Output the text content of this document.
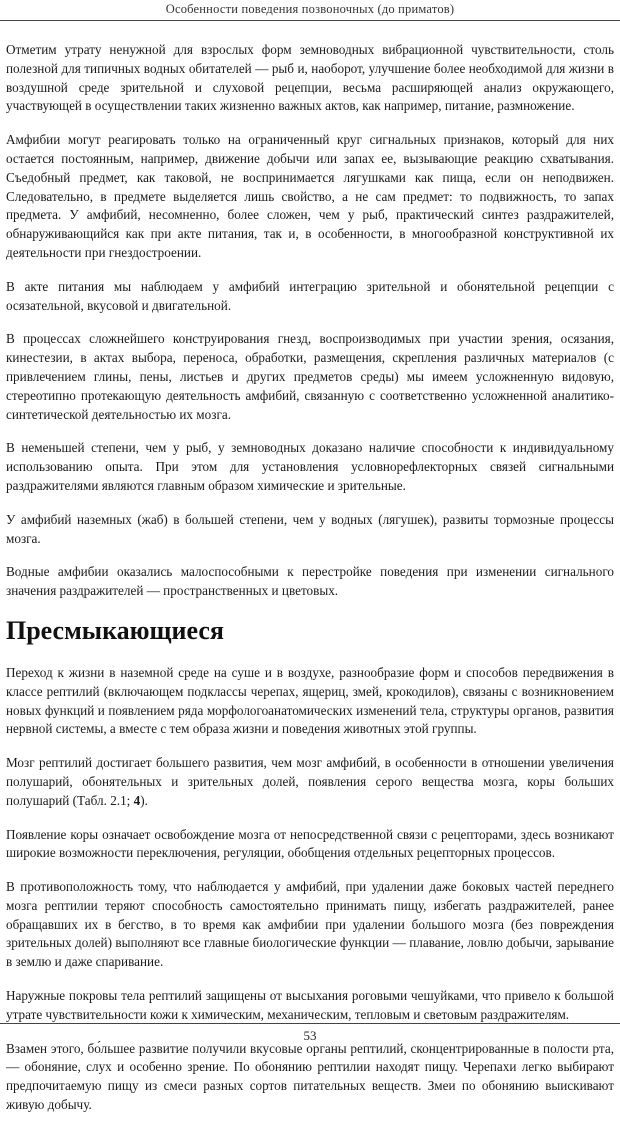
Особенности поведения позвоночных (до приматов)

Отметим утрату ненужной для взрослых форм земноводных вибрационной чувствительности, столь полезной для типичных водных обитателей — рыб и, наоборот, улучшение более необходимой для жизни в воздушной среде зрительной и слуховой рецепции, весьма расширяющей анализ окружающего, участвующей в осуществлении таких жизненно важных актов, как например, питание, размножение.

Амфибии могут реагировать только на ограниченный круг сигнальных признаков, который для них остается постоянным, например, движение добычи или запах ее, вызывающие реакцию схватывания. Съедобный предмет, как таковой, не воспринимается лягушками как пища, если он неподвижен. Следовательно, в предмете выделяется лишь свойство, а не сам предмет: то подвижность, то запах предмета. У амфибий, несомненно, более сложен, чем у рыб, практический синтез раздражителей, обнаруживающийся как при акте питания, так и, в особенности, в многообразной конструктивной их деятельности при гнездостроении.

В акте питания мы наблюдаем у амфибий интеграцию зрительной и обонятельной рецепции с осязательной, вкусовой и двигательной.

В процессах сложнейшего конструирования гнезд, воспроизводимых при участии зрения, осязания, кинестезии, в актах выбора, переноса, обработки, размещения, скрепления различных материалов (с привлечением глины, пены, листьев и других предметов среды) мы имеем усложненную видовую, стереотипно протекающую деятельность амфибий, связанную с соответственно усложненной аналитико-синтетической деятельностью их мозга.

В неменьшей степени, чем у рыб, у земноводных доказано наличие способности к индивидуальному использованию опыта. При этом для установления условнорефлекторных связей сигнальными раздражителями являются главным образом химические и зрительные.

У амфибий наземных (жаб) в большей степени, чем у водных (лягушек), развиты тормозные процессы мозга.

Водные амфибии оказались малоспособными к перестройке поведения при изменении сигнального значения раздражителей — пространственных и цветовых.

Пресмыкающиеся

Переход к жизни в наземной среде на суше и в воздухе, разнообразие форм и способов передвижения в классе рептилий (включающем подклассы черепах, ящериц, змей, крокодилов), связаны с возникновением новых функций и появлением ряда морфологоанатомических изменений тела, структуры органов, развития нервной системы, а вместе с тем образа жизни и поведения животных этой группы.

Мозг рептилий достигает большего развития, чем мозг амфибий, в особенности в отношении увеличения полушарий, обонятельных и зрительных долей, появления серого вещества мозга, коры больших полушарий (Табл. 2.1; 4).

Появление коры означает освобождение мозга от непосредственной связи с рецепторами, здесь возникают широкие возможности переключения, регуляции, обобщения отдельных рецепторных процессов.

В противоположность тому, что наблюдается у амфибий, при удалении даже боковых частей переднего мозга рептилии теряют способность самостоятельно принимать пищу, избегать раздражителей, ранее обращавших их в бегство, в то время как амфибии при удалении большого мозга (без повреждения зрительных долей) выполняют все главные биологические функции — плавание, ловлю добычи, зарывание в землю и даже спаривание.

Наружные покровы тела рептилий защищены от высыхания роговыми чешуйками, что привело к большой утрате чувствительности кожи к химическим, механическим, тепловым и световым раздражителям.

Взамен этого, бо́льшее развитие получили вкусовые органы рептилий, сконцентрированные в полости рта, — обоняние, слух и особенно зрение. По обонянию рептилии находят пищу. Черепахи легко выбирают предпочитаемую пищу из смеси разных сортов питательных веществ. Змеи по обонянию выискивают живую добычу.

53
